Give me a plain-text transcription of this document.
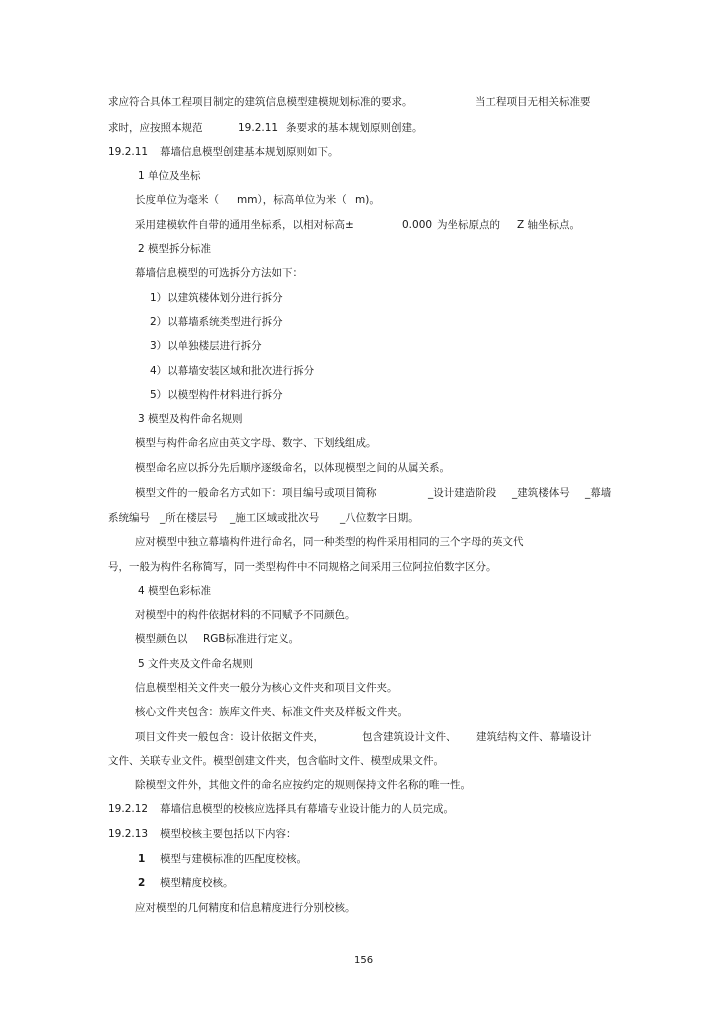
求应符合具体工程项目制定的建筑信息模型建模规划标准的要求。

	当工程项目无相关标准要

求时，应按照本规范

	19.2.11

条要求的基本规划原则创建。

19.2.11

幕墙信息模型创建基本规划原则如下。

1 单位及坐标

长度单位为毫米（

mm），标高单位为米（

m)。

采用建模软件自带的通用坐标系，以相对标高±

	0.000

为坐标原点的

Z 轴坐标点。

2 模型拆分标准
幕墙信息模型的可选拆分方法如下：
1）以建筑楼体划分进行拆分
2）以幕墙系统类型进行拆分
3）以单独楼层进行拆分
4）以幕墙安装区域和批次进行拆分
5）以模型构件材料进行拆分
3 模型及构件命名规则
模型与构件命名应由英文字母、数字、下划线组成。
模型命名应以拆分先后顺序逐级命名，以体现模型之间的从属关系。

模型文件的一般命名方式如下：项目编号或项目简称

	_设计建造阶段

_建筑楼体号

_幕墙

系统编号

_所在楼层号

_施工区域或批次号

_八位数字日期。

应对模型中独立幕墙构件进行命名，同一种类型的构件采用相同的三个字母的英文代
号，一般为构件名称简写，同一类型构件中不同规格之间采用三位阿拉伯数字区分。
4 模型色彩标准
对模型中的构件依据材料的不同赋予不同颜色。

模型颜色以

RGB标准进行定义。

5 文件夹及文件命名规则
信息模型相关文件夹一般分为核心文件夹和项目文件夹。
核心文件夹包含：族库文件夹、标准文件夹及样板文件夹。

项目文件夹一般包含：设计依据文件夹，

	包含建筑设计文件、

建筑结构文件、幕墙设计

文件、关联专业文件。模型创建文件夹，包含临时文件、模型成果文件。
除模型文件外，其他文件的命名应按约定的规则保持文件名称的唯一性。

19.2.12

幕墙信息模型的校核应选择具有幕墙专业设计能力的人员完成。

19.2.13

模型校核主要包括以下内容：

1

模型与建模标准的匹配度校核。

2

模型精度校核。

应对模型的几何精度和信息精度进行分别校核。
156
